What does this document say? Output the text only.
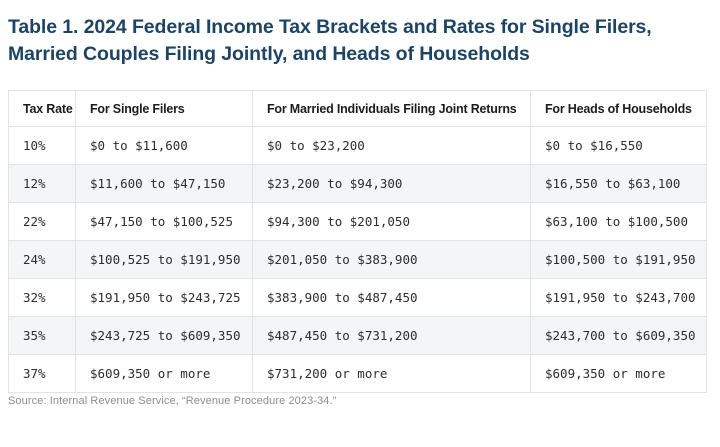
Table 1. 2024 Federal Income Tax Brackets and Rates for Single Filers, Married Couples Filing Jointly, and Heads of Households
Tax Rate	For Single Filers	For Married Individuals Filing Joint Returns	For Heads of Households
10%	$0 to $11,600	$0 to $23,200	$0 to $16,550
12%	$11,600 to $47,150	$23,200 to $94,300	$16,550 to $63,100
22%	$47,150 to $100,525	$94,300 to $201,050	$63,100 to $100,500
24%	$100,525 to $191,950	$201,050 to $383,900	$100,500 to $191,950
32%	$191,950 to $243,725	$383,900 to $487,450	$191,950 to $243,700
35%	$243,725 to $609,350	$487,450 to $731,200	$243,700 to $609,350
37%	$609,350 or more	$731,200 or more	$609,350 or more
Source: Internal Revenue Service, “Revenue Procedure 2023-34.”
